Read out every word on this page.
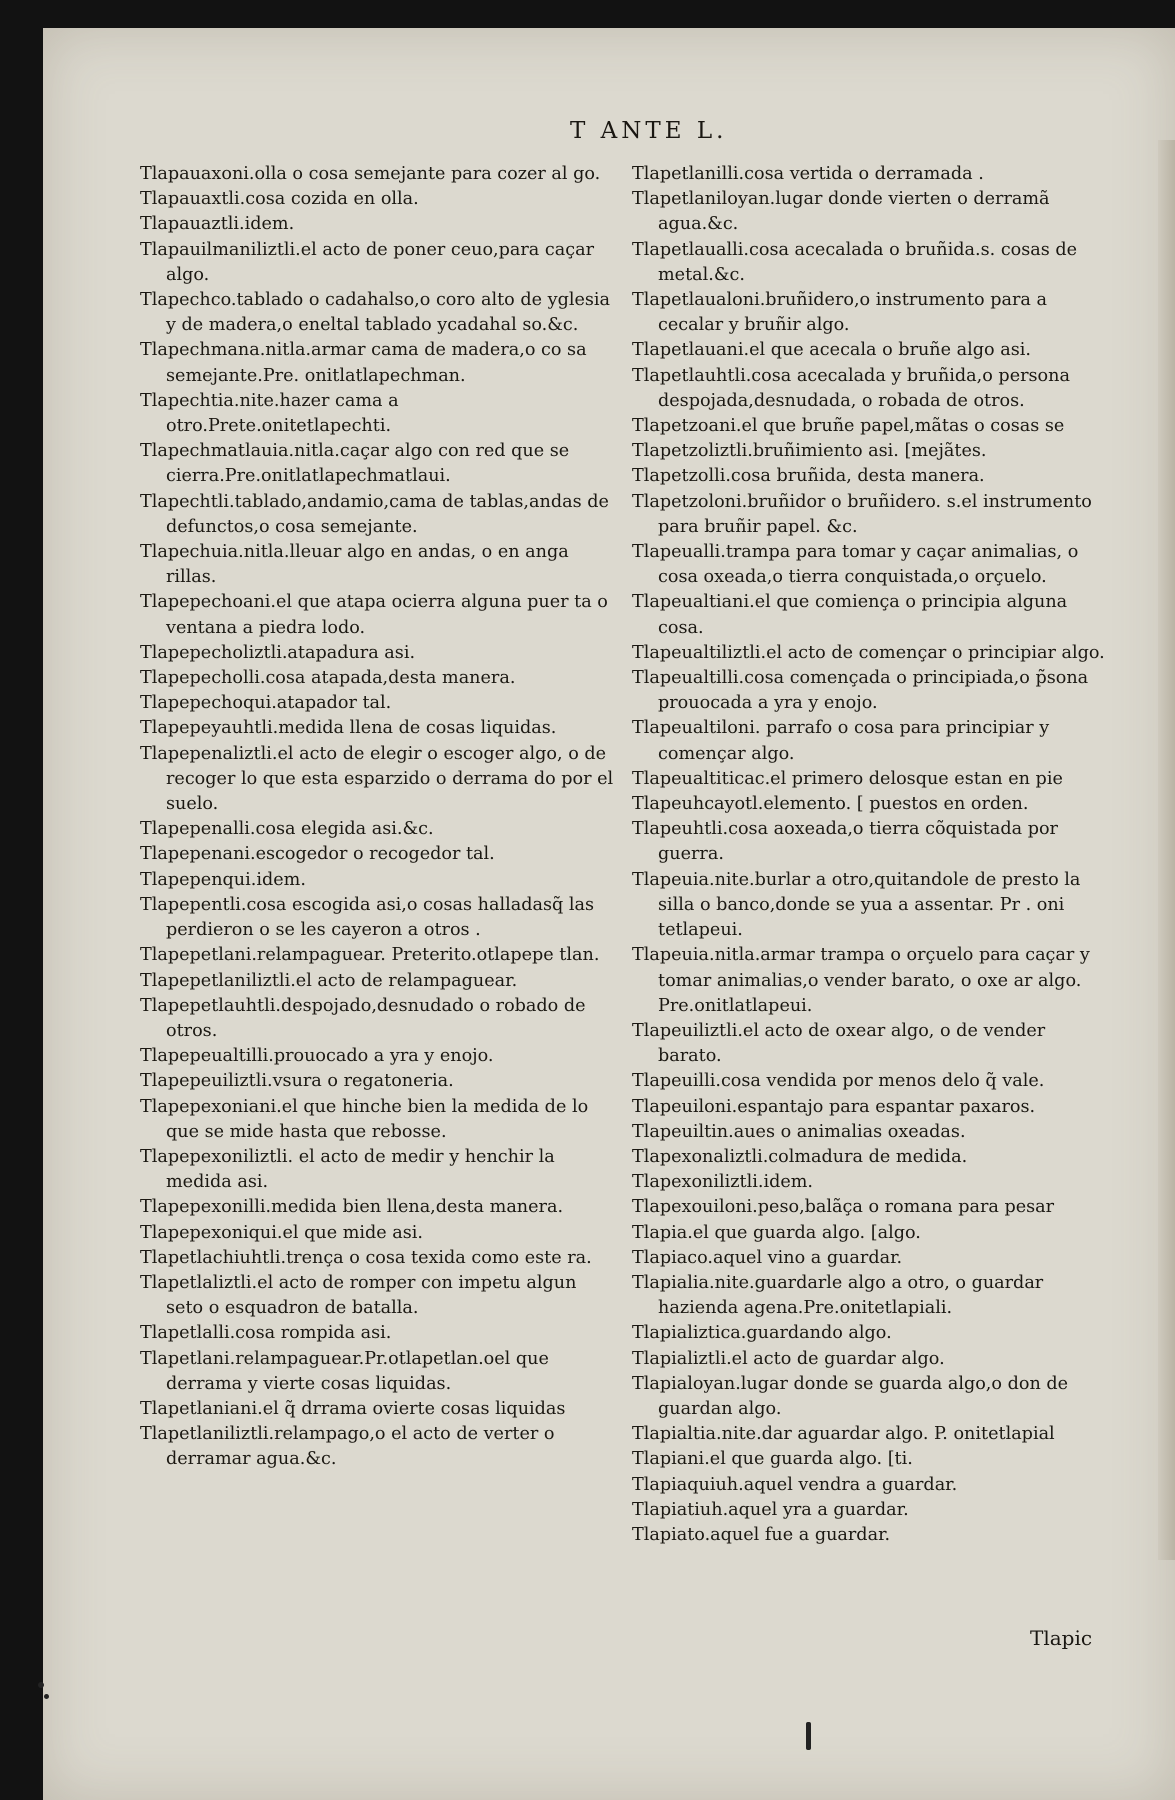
T ANTE L.

Tlapauaxoni.olla o cosa semejante para cozer al go.

Tlapauaxtli.cosa cozida en olla.

Tlapauaztli.idem.

Tlapauilmaniliztli.el acto de poner ceuo,para caçar algo.

Tlapechco.tablado o cadahalso,o coro alto de yglesia y de madera,o eneltal tablado ycadahal so.&c.

Tlapechmana.nitla.armar cama de madera,o co sa semejante.Pre. onitlatlapechman.

Tlapechtia.nite.hazer cama a otro.Prete.onitetlapechti.

Tlapechmatlauia.nitla.caçar algo con red que se cierra.Pre.onitlatlapechmatlaui.

Tlapechtli.tablado,andamio,cama de tablas,andas de defunctos,o cosa semejante.

Tlapechuia.nitla.lleuar algo en andas, o en anga rillas.

Tlapepechoani.el que atapa ocierra alguna puer ta o ventana a piedra lodo.

Tlapepecholiztli.atapadura asi.

Tlapepecholli.cosa atapada,desta manera.

Tlapepechoqui.atapador tal.

Tlapepeyauhtli.medida llena de cosas liquidas.

Tlapepenaliztli.el acto de elegir o escoger algo, o de recoger lo que esta esparzido o derrama do por el suelo.

Tlapepenalli.cosa elegida asi.&c.

Tlapepenani.escogedor o recogedor tal.

Tlapepenqui.idem.

Tlapepentli.cosa escogida asi,o cosas halladasq̃ las perdieron o se les cayeron a otros .

Tlapepetlani.relampaguear. Preterito.otlapepe tlan.

Tlapepetlaniliztli.el acto de relampaguear.

Tlapepetlauhtli.despojado,desnudado o robado de otros.

Tlapepeualtilli.prouocado a yra y enojo.

Tlapepeuiliztli.vsura o regatoneria.

Tlapepexoniani.el que hinche bien la medida de lo que se mide hasta que rebosse.

Tlapepexoniliztli. el acto de medir y henchir la medida asi.

Tlapepexonilli.medida bien llena,desta manera.

Tlapepexoniqui.el que mide asi.

Tlapetlachiuhtli.trença o cosa texida como este ra.

Tlapetlaliztli.el acto de romper con impetu algun seto o esquadron de batalla.

Tlapetlalli.cosa rompida asi.

Tlapetlani.relampaguear.Pr.otlapetlan.oel que derrama y vierte cosas liquidas.

Tlapetlaniani.el q̃ drrama ovierte cosas liquidas

Tlapetlaniliztli.relampago,o el acto de verter o derramar agua.&c.

Tlapetlanilli.cosa vertida o derramada .

Tlapetlaniloyan.lugar donde vierten o derramã agua.&c.

Tlapetlaualli.cosa acecalada o bruñida.s. cosas de metal.&c.

Tlapetlaualoni.bruñidero,o instrumento para a cecalar y bruñir algo.

Tlapetlauani.el que acecala o bruñe algo asi.

Tlapetlauhtli.cosa acecalada y bruñida,o persona despojada,desnudada, o robada de otros.

Tlapetzoani.el que bruñe papel,mãtas o cosas se

Tlapetzoliztli.bruñimiento asi. [mejãtes.

Tlapetzolli.cosa bruñida, desta manera.

Tlapetzoloni.bruñidor o bruñidero. s.el instrumento para bruñir papel. &c.

Tlapeualli.trampa para tomar y caçar animalias, o cosa oxeada,o tierra conquistada,o orçuelo.

Tlapeualtiani.el que comiença o principia alguna cosa.

Tlapeualtiliztli.el acto de començar o principiar algo.

Tlapeualtilli.cosa començada o principiada,o p̃sona prouocada a yra y enojo.

Tlapeualtiloni. parrafo o cosa para principiar y començar algo.

Tlapeualtiticac.el primero delosque estan en pie

Tlapeuhcayotl.elemento. [ puestos en orden.

Tlapeuhtli.cosa aoxeada,o tierra cõquistada por guerra.

Tlapeuia.nite.burlar a otro,quitandole de presto la silla o banco,donde se yua a assentar. Pr . oni tetlapeui.

Tlapeuia.nitla.armar trampa o orçuelo para caçar y tomar animalias,o vender barato, o oxe ar algo. Pre.onitlatlapeui.

Tlapeuiliztli.el acto de oxear algo, o de vender barato.

Tlapeuilli.cosa vendida por menos delo q̃ vale.

Tlapeuiloni.espantajo para espantar paxaros.

Tlapeuiltin.aues o animalias oxeadas.

Tlapexonaliztli.colmadura de medida.

Tlapexoniliztli.idem.

Tlapexouiloni.peso,balãça o romana para pesar

Tlapia.el que guarda algo. [algo.

Tlapiaco.aquel vino a guardar.

Tlapialia.nite.guardarle algo a otro, o guardar hazienda agena.Pre.onitetlapiali.

Tlapializtica.guardando algo.

Tlapializtli.el acto de guardar algo.

Tlapialoyan.lugar donde se guarda algo,o don de guardan algo.

Tlapialtia.nite.dar aguardar algo. P. onitetlapial

Tlapiani.el que guarda algo. [ti.

Tlapiaquiuh.aquel vendra a guardar.

Tlapiatiuh.aquel yra a guardar.

Tlapiato.aquel fue a guardar.

Tlapic
